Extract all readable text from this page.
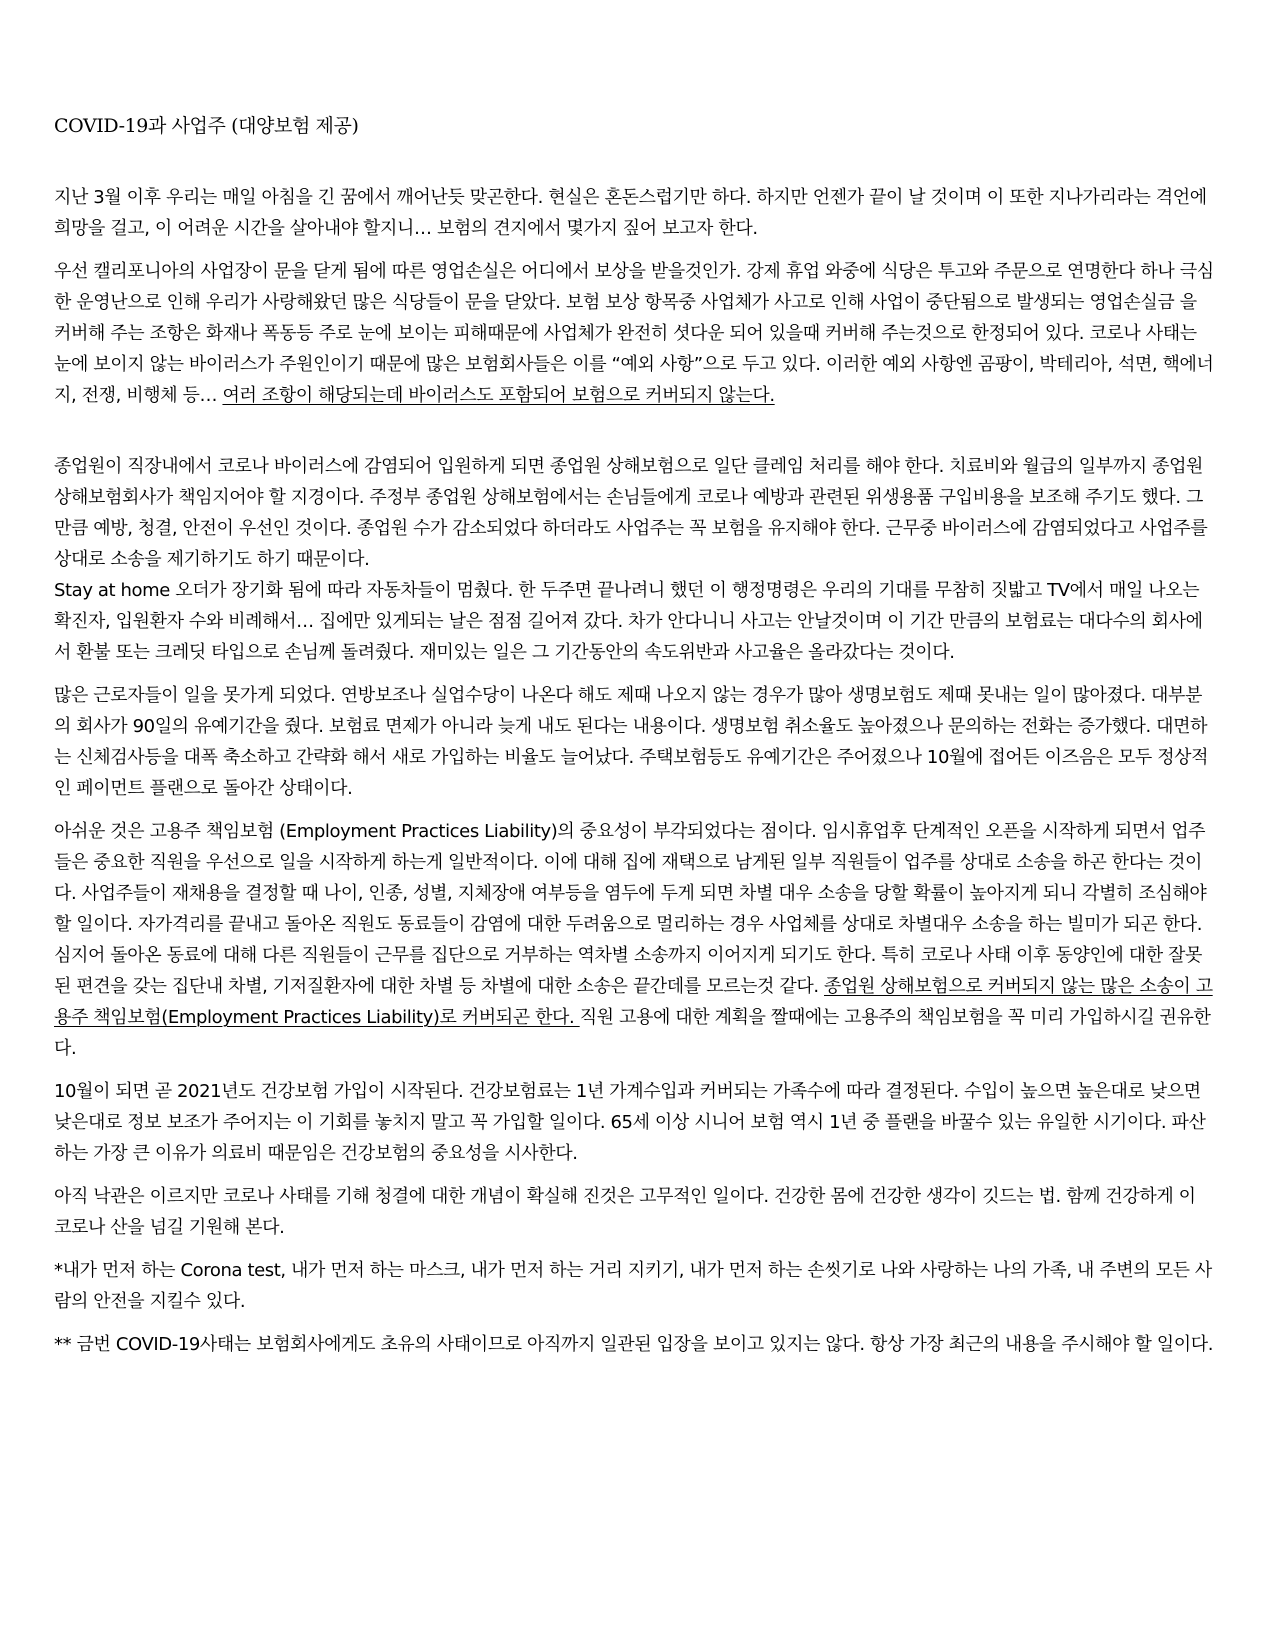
COVID-19과 사업주 (대양보험 제공)

지난 3월 이후 우리는 매일 아침을 긴 꿈에서 깨어난듯 맞곤한다. 현실은 혼돈스럽기만 하다. 하지만 언젠가 끝이 날 것이며 이 또한 지나가리라는 격언에 희망을 걸고, 이 어려운 시간을 살아내야 할지니… 보험의 견지에서 몇가지 짚어 보고자 한다.

우선 캘리포니아의 사업장이 문을 닫게 됨에 따른 영업손실은 어디에서 보상을 받을것인가. 강제 휴업 와중에 식당은 투고와 주문으로 연명한다 하나 극심한 운영난으로 인해 우리가 사랑해왔던 많은 식당들이 문을 닫았다. 보험 보상 항목중 사업체가 사고로 인해 사업이 중단됨으로 발생되는 영업손실금 을 커버해 주는 조항은 화재나 폭동등 주로 눈에 보이는 피해때문에 사업체가 완전히 셧다운 되어 있을때 커버해 주는것으로 한정되어 있다. 코로나 사태는 눈에 보이지 않는 바이러스가 주원인이기 때문에 많은 보험회사들은 이를 “예외 사항”으로 두고 있다. 이러한 예외 사항엔 곰팡이, 박테리아, 석면, 핵에너지, 전쟁, 비행체 등… 여러 조항이 해당되는데 바이러스도 포함되어 보험으로 커버되지 않는다.

종업원이 직장내에서 코로나 바이러스에 감염되어 입원하게 되면 종업원 상해보험으로 일단 클레임 처리를 해야 한다. 치료비와 월급의 일부까지 종업원 상해보험회사가 책임지어야 할 지경이다. 주정부 종업원 상해보험에서는 손님들에게 코로나 예방과 관련된 위생용품 구입비용을 보조해 주기도 했다. 그만큼 예방, 청결, 안전이 우선인 것이다. 종업원 수가 감소되었다 하더라도 사업주는 꼭 보험을 유지해야 한다. 근무중 바이러스에 감염되었다고 사업주를 상대로 소송을 제기하기도 하기 때문이다.

Stay at home 오더가 장기화 됨에 따라 자동차들이 멈췄다. 한 두주면 끝나려니 했던 이 행정명령은 우리의 기대를 무참히 짓밟고 TV에서 매일 나오는 확진자, 입원환자 수와 비례해서… 집에만 있게되는 날은 점점 길어져 갔다. 차가 안다니니 사고는 안날것이며 이 기간 만큼의 보험료는 대다수의 회사에서 환불 또는 크레딧 타입으로 손님께 돌려줬다. 재미있는 일은 그 기간동안의 속도위반과 사고율은 올라갔다는 것이다.

많은 근로자들이 일을 못가게 되었다. 연방보조나 실업수당이 나온다 해도 제때 나오지 않는 경우가 많아 생명보험도 제때 못내는 일이 많아졌다. 대부분의 회사가 90일의 유예기간을 줬다. 보험료 면제가 아니라 늦게 내도 된다는 내용이다. 생명보험 취소율도 높아졌으나 문의하는 전화는 증가했다. 대면하는 신체검사등을 대폭 축소하고 간략화 해서 새로 가입하는 비율도 늘어났다. 주택보험등도 유예기간은 주어졌으나 10월에 접어든 이즈음은 모두 정상적인 페이먼트 플랜으로 돌아간 상태이다.

아쉬운 것은 고용주 책임보험 (Employment Practices Liability)의 중요성이 부각되었다는 점이다. 임시휴업후 단계적인 오픈을 시작하게 되면서 업주들은 중요한 직원을 우선으로 일을 시작하게 하는게 일반적이다. 이에 대해 집에 재택으로 남게된 일부 직원들이 업주를 상대로 소송을 하곤 한다는 것이다. 사업주들이 재채용을 결정할 때 나이, 인종, 성별, 지체장애 여부등을 염두에 두게 되면 차별 대우 소송을 당할 확률이 높아지게 되니 각별히 조심해야 할 일이다. 자가격리를 끝내고 돌아온 직원도 동료들이 감염에 대한 두려움으로 멀리하는 경우 사업체를 상대로 차별대우 소송을 하는 빌미가 되곤 한다. 심지어 돌아온 동료에 대해 다른 직원들이 근무를 집단으로 거부하는 역차별 소송까지 이어지게 되기도 한다. 특히 코로나 사태 이후 동양인에 대한 잘못된 편견을 갖는 집단내 차별, 기저질환자에 대한 차별 등 차별에 대한 소송은 끝간데를 모르는것 같다. 종업원 상해보험으로 커버되지 않는 많은 소송이 고용주 책임보험(Employment Practices Liability)로 커버되곤 한다. 직원 고용에 대한 계획을 짤때에는 고용주의 책임보험을 꼭 미리 가입하시길 권유한다.

10월이 되면 곧 2021년도 건강보험 가입이 시작된다. 건강보험료는 1년 가계수입과 커버되는 가족수에 따라 결정된다. 수입이 높으면 높은대로 낮으면 낮은대로 정보 보조가 주어지는 이 기회를 놓치지 말고 꼭 가입할 일이다. 65세 이상 시니어 보험 역시 1년 중 플랜을 바꿀수 있는 유일한 시기이다. 파산하는 가장 큰 이유가 의료비 때문임은 건강보험의 중요성을 시사한다.

아직 낙관은 이르지만 코로나 사태를 기해 청결에 대한 개념이 확실해 진것은 고무적인 일이다. 건강한 몸에 건강한 생각이 깃드는 법. 함께 건강하게 이 코로나 산을 넘길 기원해 본다.

*내가 먼저 하는 Corona test, 내가 먼저 하는 마스크, 내가 먼저 하는 거리 지키기, 내가 먼저 하는 손씻기로 나와 사랑하는 나의 가족, 내 주변의 모든 사람의 안전을 지킬수 있다.

** 금번 COVID-19사태는 보험회사에게도 초유의 사태이므로 아직까지 일관된 입장을 보이고 있지는 않다. 항상 가장 최근의 내용을 주시해야 할 일이다.
